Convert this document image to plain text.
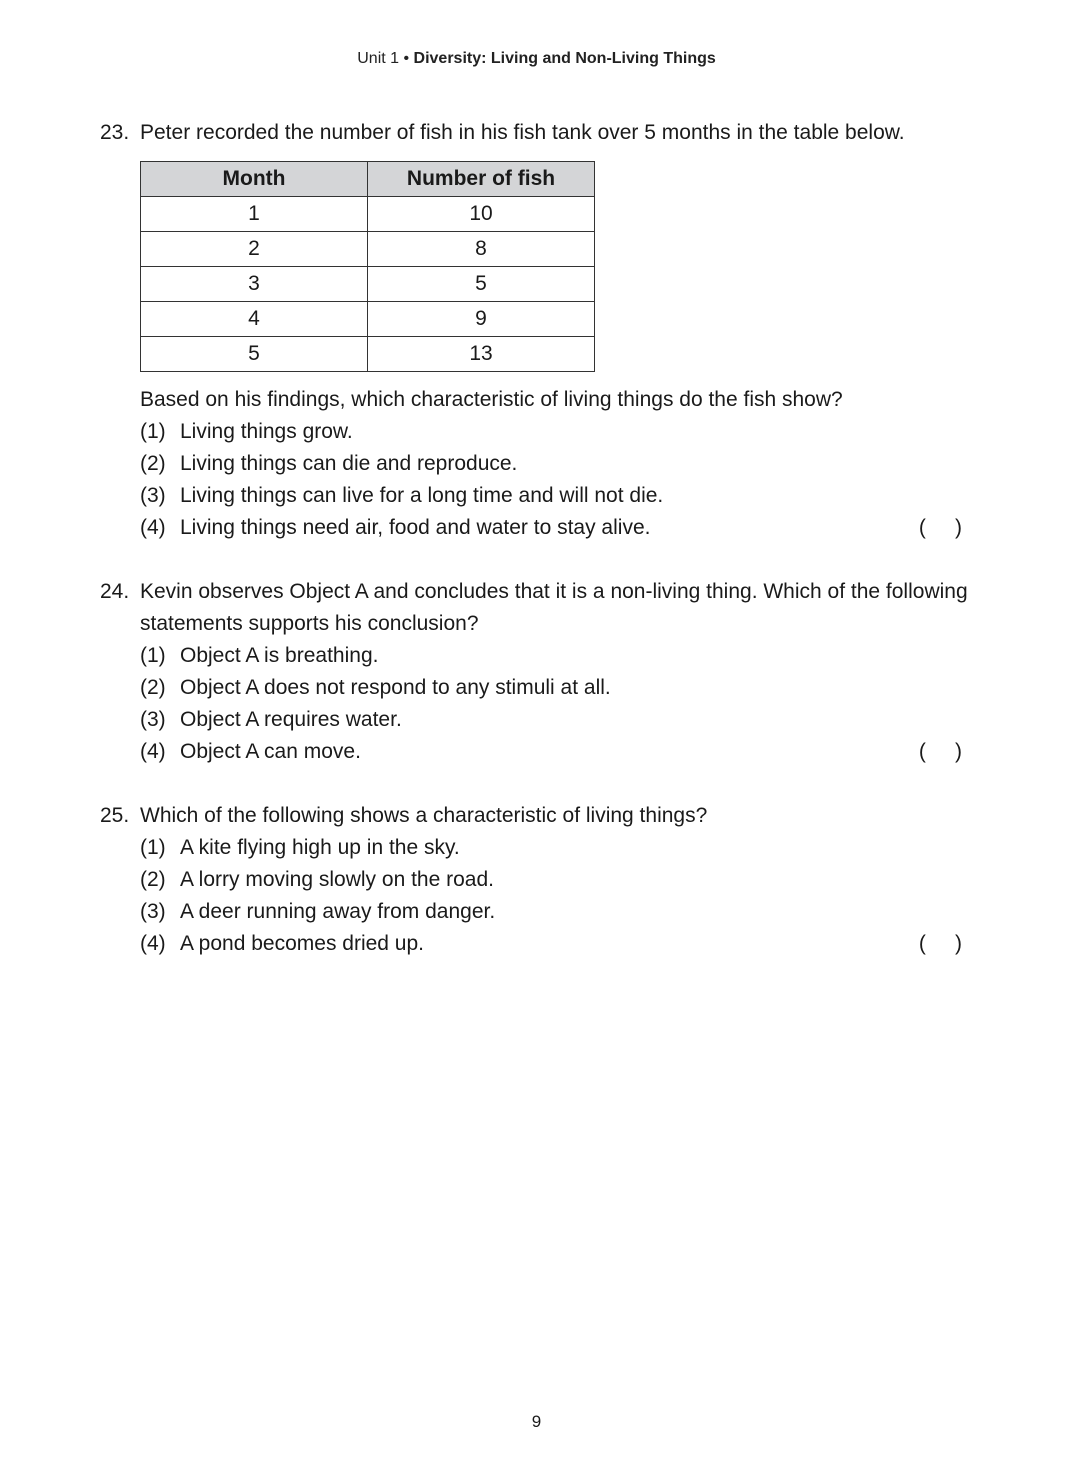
Unit 1 • Diversity: Living and Non-Living Things
23. Peter recorded the number of fish in his fish tank over 5 months in the table below.
Month	Number of fish
1	10
2	8
3	5
4	9
5	13
Based on his findings, which characteristic of living things do the fish show?
(1) Living things grow.
(2) Living things can die and reproduce.
(3) Living things can live for a long time and will not die.
(4) Living things need air, food and water to stay alive.	(     )
24. Kevin observes Object A and concludes that it is a non-living thing. Which of the following statements supports his conclusion?
(1) Object A is breathing.
(2) Object A does not respond to any stimuli at all.
(3) Object A requires water.
(4) Object A can move.	(     )
25. Which of the following shows a characteristic of living things?
(1) A kite flying high up in the sky.
(2) A lorry moving slowly on the road.
(3) A deer running away from danger.
(4) A pond becomes dried up.	(     )
9
